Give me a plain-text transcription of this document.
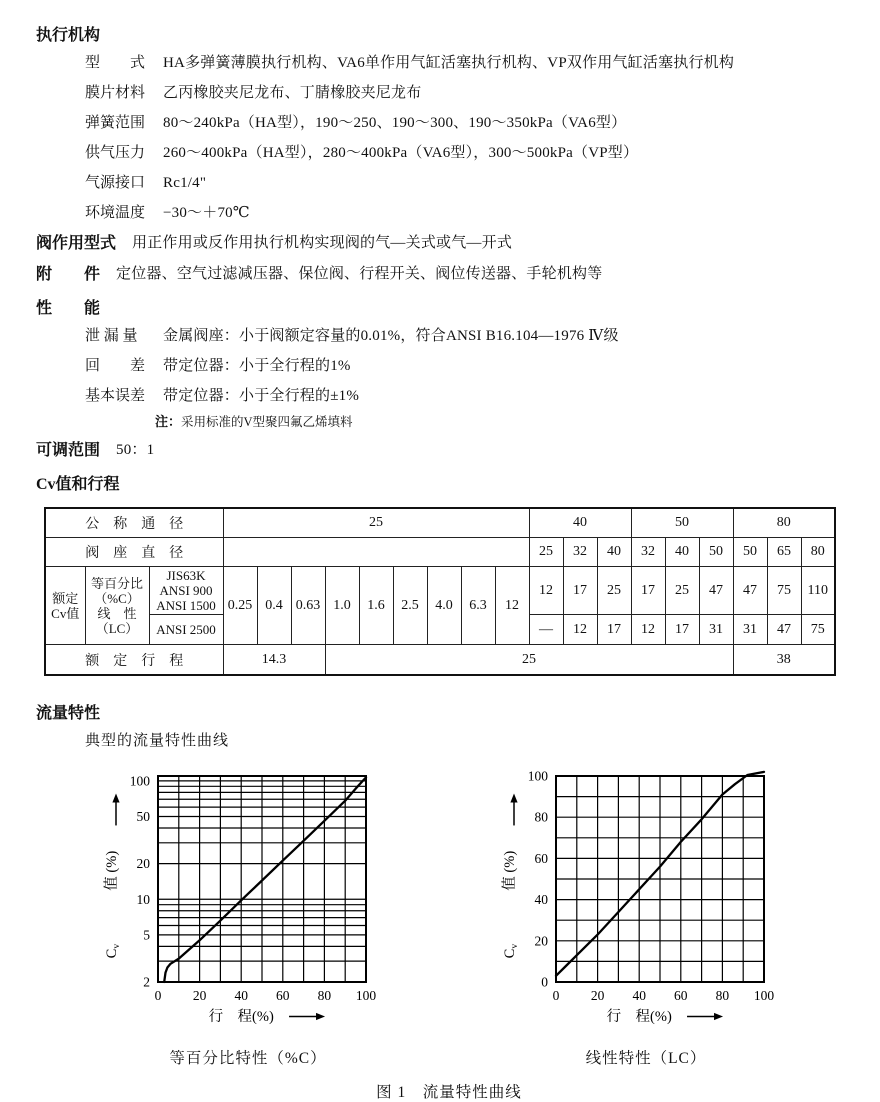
执行机构

型　　式 HA多弹簧薄膜执行机构、VA6单作用气缸活塞执行机构、VP双作用气缸活塞执行机构
膜片材料 乙丙橡胶夹尼龙布、丁腈橡胶夹尼龙布
弹簧范围 80～240kPa（HA型），190～250、190～300、190～350kPa（VA6型）
供气压力 260～400kPa（HA型），280～400kPa（VA6型），300～500kPa（VP型）
气源接口 Rc1/4"
环境温度 −30～＋70℃
阀作用型式 用正作用或反作用执行机构实现阀的气—关式或气—开式
附　　件 定位器、空气过滤减压器、保位阀、行程开关、阀位传送器、手轮机构等

性　　能

泄 漏 量	金属阀座：小于阀额定容量的0.01%，符合ANSI B16.104—1976 Ⅳ级
回　　差 带定位器：小于全行程的1%
基本误差 带定位器：小于全行程的±1%
注：采用标准的V型聚四氟乙烯填料
可调范围 50：1

Cv值和行程

公　称　通　径			25									40			50			80		
阀　座　直　径												25	32	40	32	40	50	50	65	80

额定
Cv值

等百分比
（%C）
线　性
（LC）

JIS63K
ANSI 900
ANSI 1500	0.25	0.4	0.63	1.0	1.6	2.5	4.0	6.3	12	12	17	25	17	25	47	47	75	110
		ANSI 2500										—	12	17	12	17	31	31	47	75
额　定　行　程			14.3			25												38		

流量特性

典型的流量特性曲线
2
5
10
20
50
100
0 20 40 60 80 100
行　程(%)
值 (%)
$C_v$
等百分比特性（%C）
0
20
40
60
80
100
0 20 40 60 80 100
行　程(%)
值 (%)
$C_v$
线性特性（LC）
图 1　流量特性曲线
